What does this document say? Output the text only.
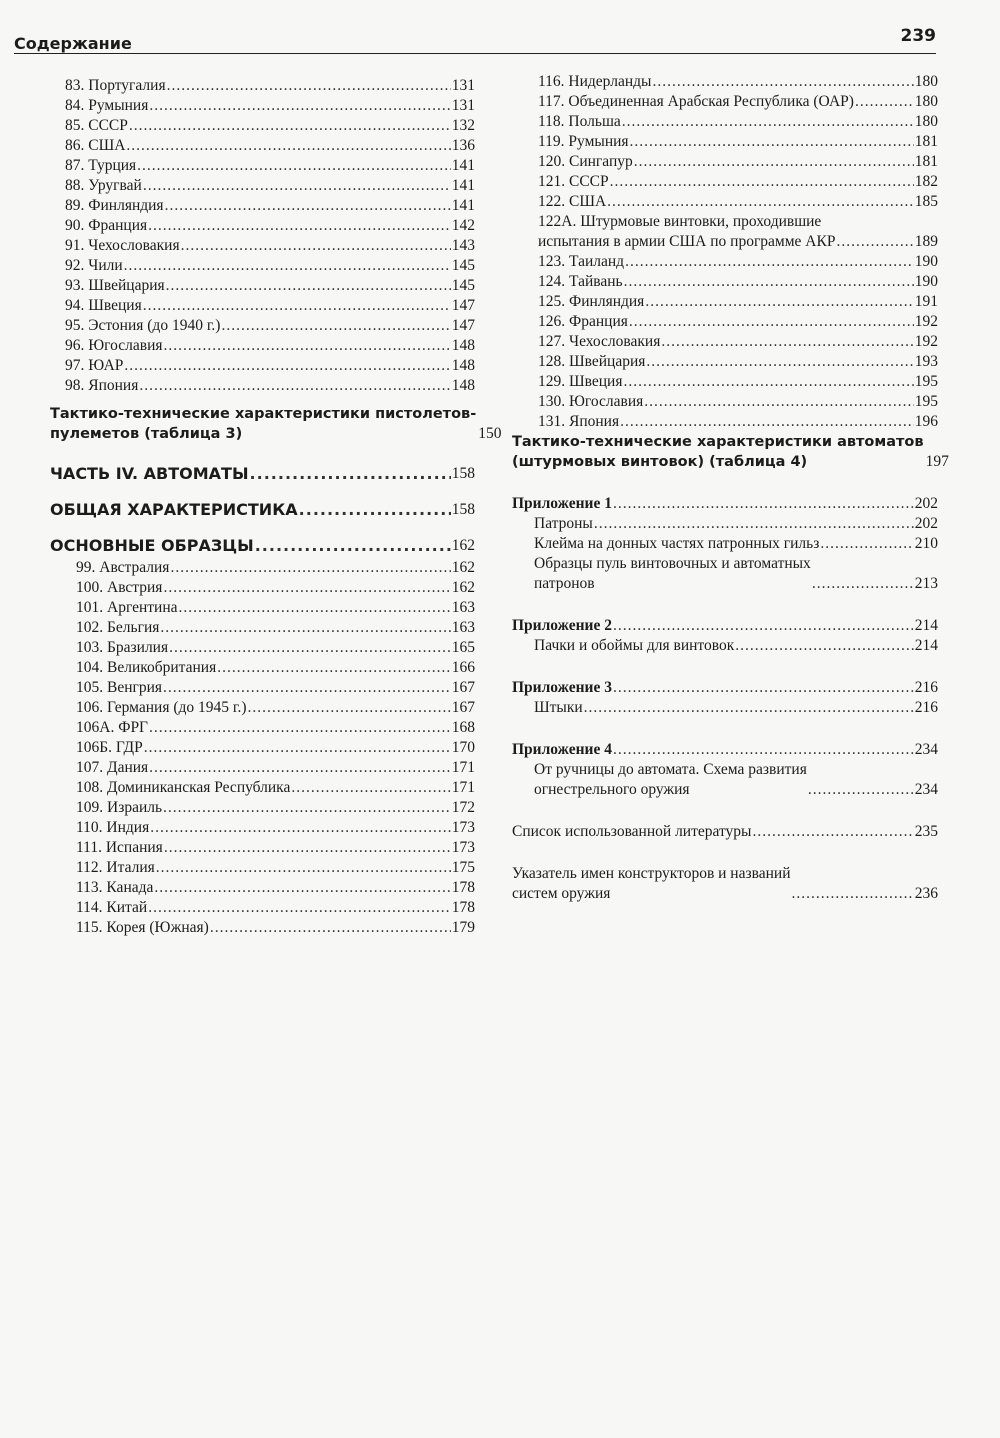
Содержание	239
83. Португалия .....	131
84. Румыния .....	131
85. СССР .....	132
86. США .....	136
87. Турция .....	141
88. Уругвай .....	141
89. Финляндия .....	141
90. Франция .....	142
91. Чехословакия .....	143
92. Чили .....	145
93. Швейцария .....	145
94. Швеция .....	147
95. Эстония (до 1940 г.) .....	147
96. Югославия .....	148
97. ЮАР .....	148
98. Япония .....	148
Тактико-технические характеристики пистолетов-
пулеметов (таблица 3)	150
ЧАСТЬ IV. АВТОМАТЫ .....	158
ОБЩАЯ ХАРАКТЕРИСТИКА .....	158
ОСНОВНЫЕ ОБРАЗЦЫ .....	162
99. Австралия .....	162
100. Австрия .....	162
101. Аргентина .....	163
102. Бельгия .....	163
103. Бразилия .....	165
104. Великобритания .....	166
105. Венгрия .....	167
106. Германия (до 1945 г.) .....	167
106А. ФРГ .....	168
106Б. ГДР .....	170
107. Дания .....	171
108. Доминиканская Республика .....	171
109. Израиль .....	172
110. Индия .....	173
111. Испания .....	173
112. Италия .....	175
113. Канада .....	178
114. Китай .....	178
115. Корея (Южная) .....	179
116. Нидерланды .....	180
117. Объединенная Арабская Республика (ОАР) .....	180
118. Польша .....	180
119. Румыния .....	181
120. Сингапур .....	181
121. СССР .....	182
122. США .....	185
122А. Штурмовые винтовки, проходившие
испытания в армии США по программе АКР .....	189
123. Таиланд .....	190
124. Тайвань .....	190
125. Финляндия .....	191
126. Франция .....	192
127. Чехословакия .....	192
128. Швейцария .....	193
129. Швеция .....	195
130. Югославия .....	195
131. Япония .....	196
Тактико-технические характеристики автоматов
(штурмовых винтовок) (таблица 4)	197
Приложение 1 .....	202
Патроны .....	202
Клейма на донных частях патронных гильз .....	210
Образцы пуль винтовочных и автоматных
патронов .....	213
Приложение 2 .....	214
Пачки и обоймы для винтовок .....	214
Приложение 3 .....	216
Штыки .....	216
Приложение 4 .....	234
От ручницы до автомата. Схема развития
огнестрельного оружия .....	234
Список использованной литературы .....	235
Указатель имен конструкторов и названий
систем оружия .....	236
